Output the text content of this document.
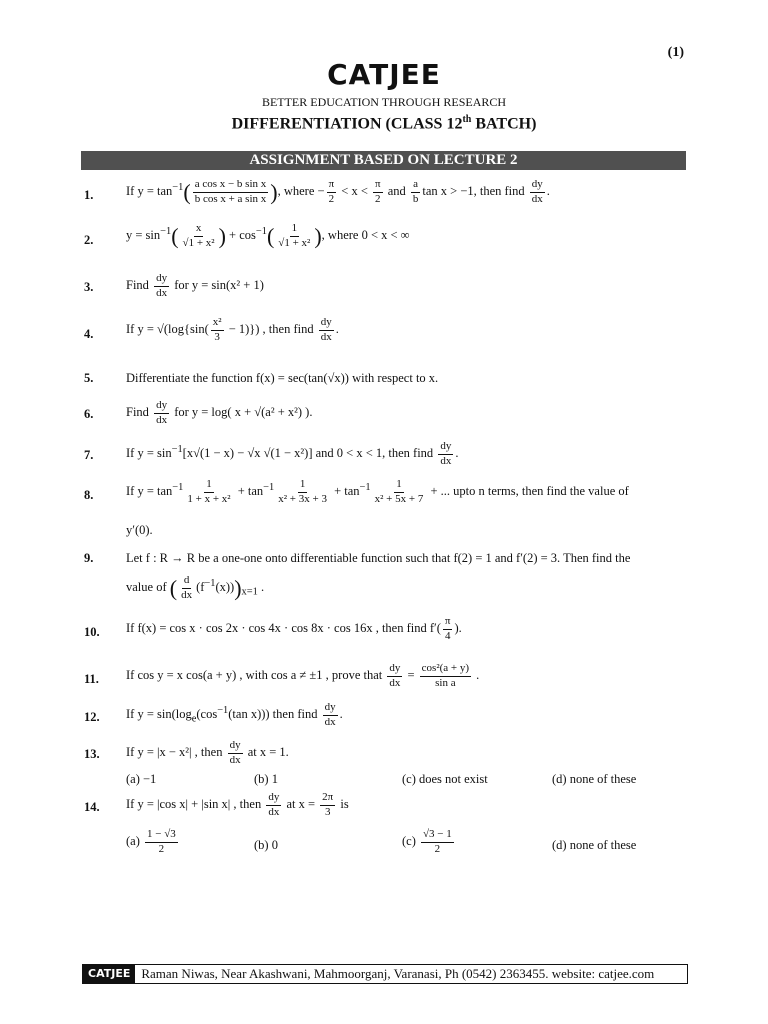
(1)
CATJEE
BETTER EDUCATION THROUGH RESEARCH
DIFFERENTIATION (CLASS 12th BATCH)
ASSIGNMENT BASED ON LECTURE 2
1.
2.
3.
4.
5.
6.
7.
8.
9.
10.
11.
12.
13.
14.
If $y = \tan^{-1}( \frac{\text{a cos x − b sin x}}{\text{b cos x + a sin x}}$ ), where − $\frac{\pi}{2} < x < \frac{\pi}{2}$ and $\frac{a}{b}$ tan x > −1, then find $\frac{dy}{dx}$ .
$y = \sin^{-1}( \frac{x}{\text{√1 + x²}}$ ) + $\cos^{-1}( \frac{1}{\text{√1 + x²}}$ ), where 0 < x < ∞
Find $\frac{dy}{dx}$ for y = sin(x² + 1)
If $y = √(\log\{\sin( \frac{\text{x²}}{3} - 1)\})$ , then find $\frac{dy}{dx}$ .
Differentiate the function f(x) = sec(tan(√x)) with respect to x.
Find $\frac{dy}{dx}$ for y = log( x + √(a² + x²) ).
If $y = \sin^{-1}[x√(1 - x) - √x$ √(1 − x²)] and 0 < x < 1, then find $\frac{dy}{dx}$ .
If $y = \tan^{-1} \frac{1}{\text{1 + x + x²}} + \tan^{-1} \frac{1}{\text{x² + 3x + 3}} + \tan^{-1} \frac{1}{\text{x² + 5x + 7}}$ + ... upto n terms, then find the value of
y′(0).
Let f : R → R be a one-one onto differentiable function such that f(2) = 1 and f′(2) = 3. Then find the
value of ( $\frac{d}{dx} (f^{-1}(x)))_{x=1}$ .
If f(x) = cos x · cos 2x · cos 4x · cos 8x · cos 16x , then find $f'( \frac{\pi}{4}$ ).
If cos y = x cos(a + y) , with cos a ≠ ±1 , prove that $\frac{dy}{dx} = \frac{\text{cos²(a + y)}}{\text{sin a}}$ .
If $y = \sin(\log_e(\cos^{-1}(\tan$ x))) then find $\frac{dy}{dx}$ .
If y = |x − x²| , then $\frac{dy}{dx}$ at x = 1.
(a) −1	(b) 1	(c) does not exist	(d) none of these
If y = |cos x| + |sin x| , then $\frac{dy}{dx}$ at $x = \frac{2\pi}{3}$ is
$(a) \frac{1 - √3}{2}$	(b) 0	$(c) \frac{√3 - 1}{2}$	(d) none of these
CATJEE Raman Niwas, Near Akashwani, Mahmoorganj, Varanasi, Ph (0542) 2363455. website: catjee.com
